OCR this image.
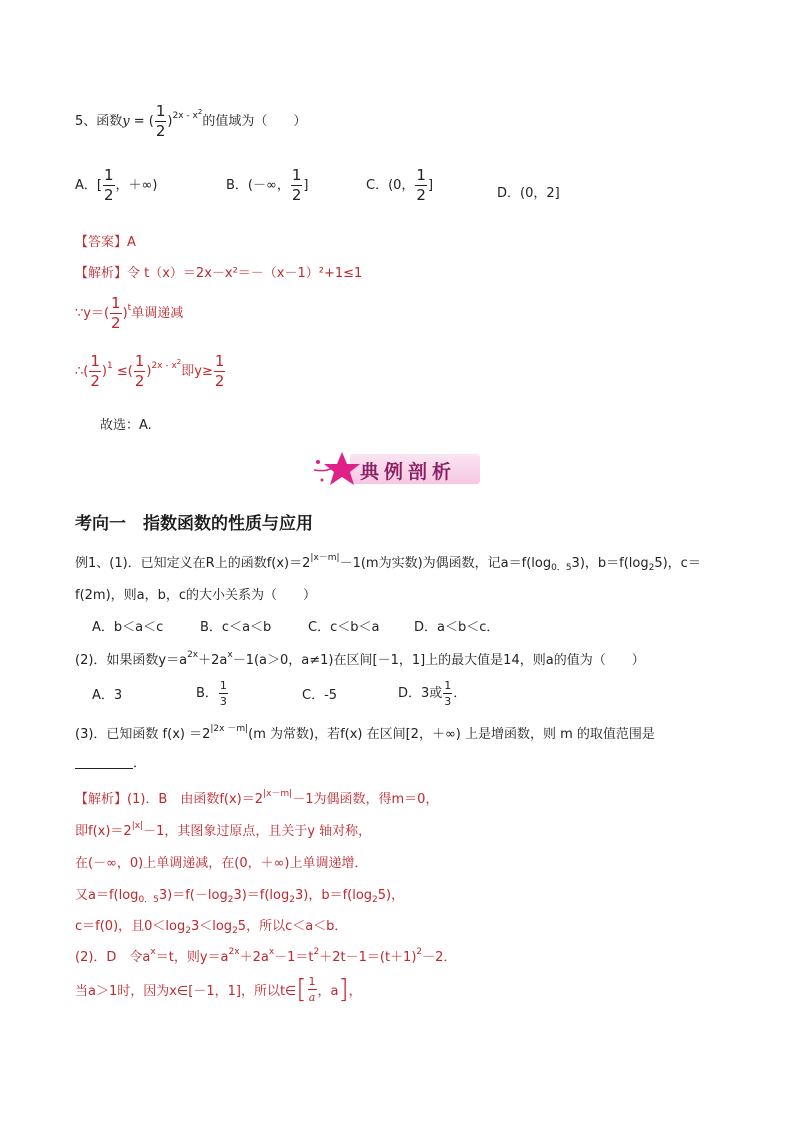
5、函数y = ( $\frac{1}{2} )^{2x - x^2}$的值域为（　　）
A．[ $\frac{1}{2}$ ，＋∞)	B．(－∞， $\frac{1}{2}$ ]	C．(0， $\frac{1}{2}$ ]
D．(0，2]
【答案】A
【解析】令 t（x）＝2x－x²＝－（x－1）²+1≤1
∵y＝( $\frac{1}{2} )^t$单调递减
∴( $\frac{1}{2} )^1$ ≤( $\frac{1}{2} )^{2x - x^2}$即$y\ge \frac{1}{2}$
故选：A.
典例剖析
考向一　指数函数的性质与应用
例1、(1)．已知定义在R上的函数$f(x)=2^{|x-m|}-1(m$为实数)为偶函数，记$a=f(\log_{0.5}3)$，$b=f(\log_25)$，c＝
f(2m)，则a，b，c的大小关系为（　　）
A．b＜a＜c	B．c＜a＜b	C．c＜b＜a	D．a＜b＜c．
(2)．如果函数$y=a^{2x}+2a^x-1(a>0$，a≠1)在区间[－1，1]上的最大值是14，则a的值为（　　）
A．3	B． $\frac{1}{3}$	C．-5	D．3或 $\frac{1}{3}$ ．
(3)．已知函数 $f(x) =2^{|2x -m|}(m$ 为常数)，若f(x) 在区间[2，＋∞) 上是增函数，则 m 的取值范围是
．
【解析】(1)．B　由函数$f(x)=2^{|x-m|}-1$为偶函数，得m＝0，
即$f(x)=2^{|x|}-1$，其图象过原点，且关于y 轴对称，
在(－∞，0)上单调递减，在(0，＋∞)上单调递增．
又$a=f(\log_{0.5}3)=f(-\log_23)=f(\log_23)$，$b=f(\log_25)$，
c＝f(0)，且$0<\log_23<\log_25$，所以c＜a＜b．
(2)．D　令$a^x=t$，则$y=a^{2x}+2a^x-1=t^2+2t-1=(t+1)^2-2$．
当a＞1时，因为x∈[－1，1]，所以t∈[ $\frac{1}{a}$ ，a]，
